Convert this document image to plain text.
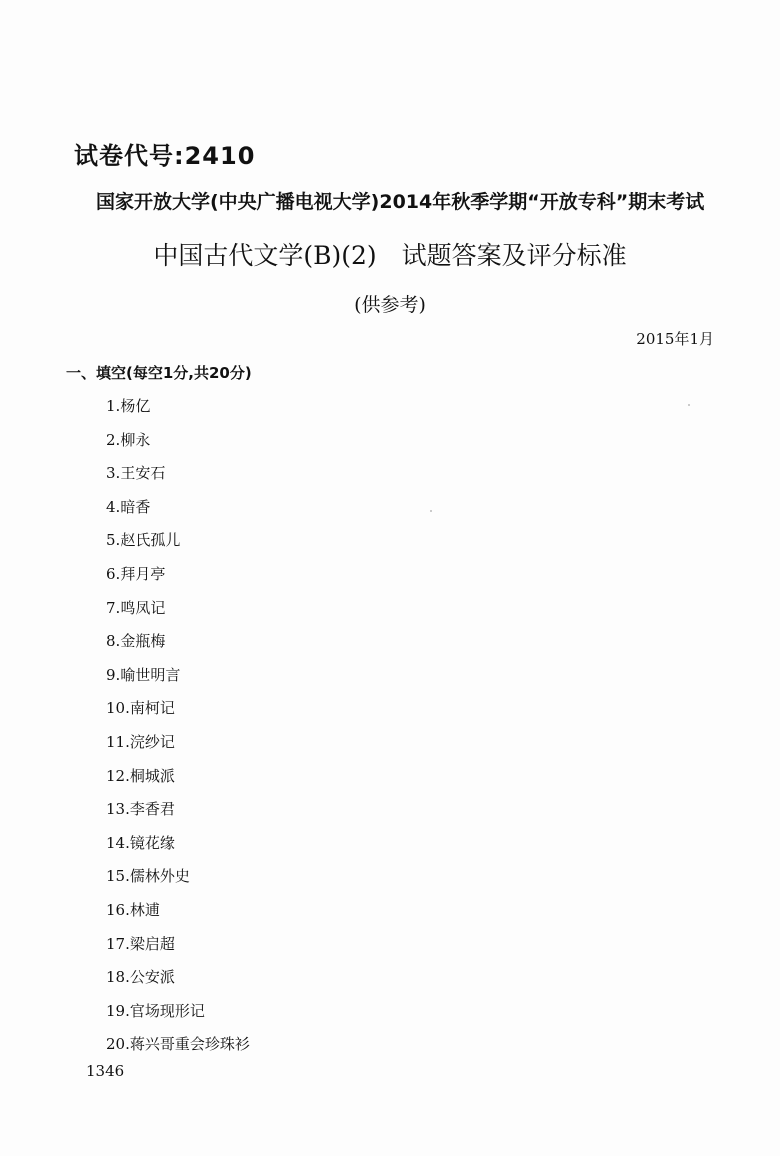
试卷代号:2410
国家开放大学(中央广播电视大学)2014年秋季学期“开放专科”期末考试
中国古代文学(B)(2)　试题答案及评分标准
(供参考)
2015年1月
一、填空(每空1分,共20分)
1.杨亿
2.柳永
3.王安石
4.暗香
5.赵氏孤儿
6.拜月亭
7.鸣凤记
8.金瓶梅
9.喻世明言
10.南柯记
11.浣纱记
12.桐城派
13.李香君
14.镜花缘
15.儒林外史
16.林逋
17.梁启超
18.公安派
19.官场现形记
20.蒋兴哥重会珍珠衫
1346
